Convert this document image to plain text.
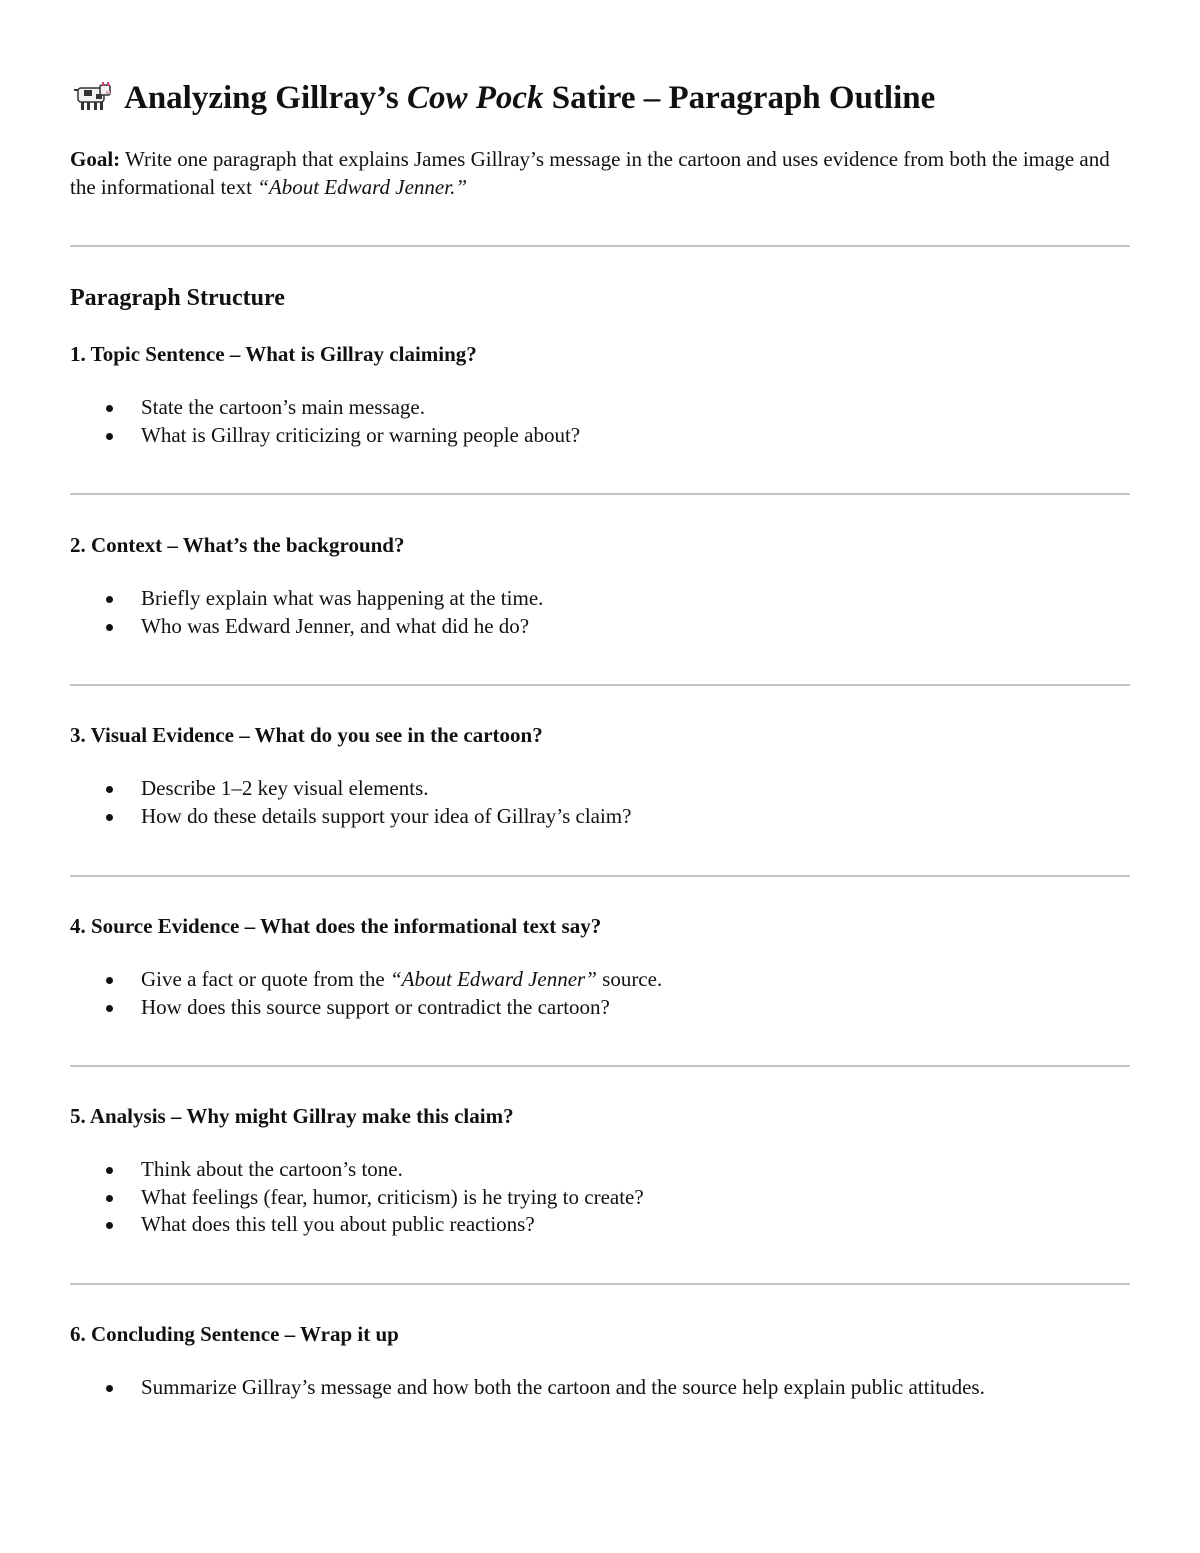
Analyzing Gillray’s Cow Pock Satire – Paragraph Outline
Goal: Write one paragraph that explains James Gillray’s message in the cartoon and uses evidence from both the image and the informational text “About Edward Jenner.”
Paragraph Structure
1. Topic Sentence – What is Gillray claiming?
State the cartoon’s main message.
What is Gillray criticizing or warning people about?
2. Context – What’s the background?
Briefly explain what was happening at the time.
Who was Edward Jenner, and what did he do?
3. Visual Evidence – What do you see in the cartoon?
Describe 1–2 key visual elements.
How do these details support your idea of Gillray’s claim?
4. Source Evidence – What does the informational text say?
Give a fact or quote from the “About Edward Jenner” source.
How does this source support or contradict the cartoon?
5. Analysis – Why might Gillray make this claim?
Think about the cartoon’s tone.
What feelings (fear, humor, criticism) is he trying to create?
What does this tell you about public reactions?
6. Concluding Sentence – Wrap it up
Summarize Gillray’s message and how both the cartoon and the source help explain public attitudes.
